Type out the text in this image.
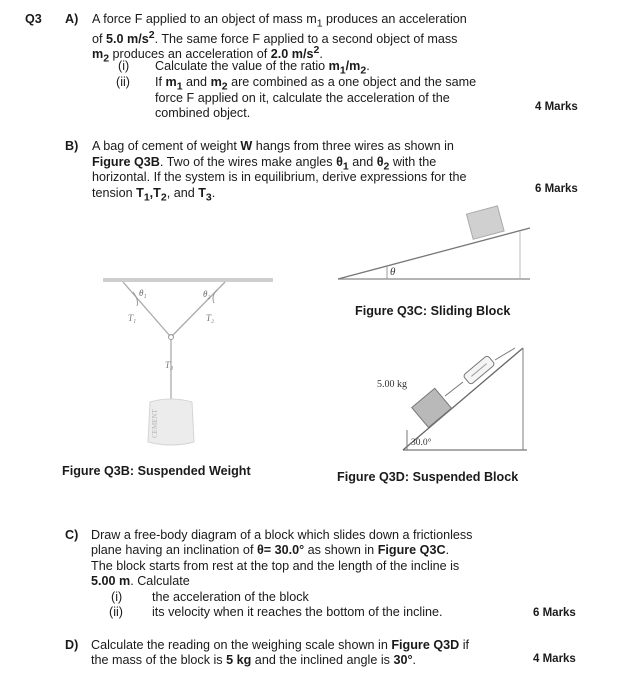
Q3 A) A force F applied to an object of mass $m_1$ produces an acceleration
of 5.0 $m/s^2$. The same force F applied to a second object of mass
$m_2$ produces an acceleration of 2.0 $m/s^2$.
(i) Calculate the value of the ratio $m_1/m_2$.
(ii) If $m_1$ and $m_2$ are combined as a one object and the same
force F applied on it, calculate the acceleration of the
combined object.	4 Marks
B) A bag of cement of weight W hangs from three wires as shown in
Figure Q3B. Two of the wires make angles $\theta_1$ and $\theta_2$ with the
horizontal. If the system is in equilibrium, derive expressions for the
tension $T_1,T_2$, and $T_3$.	6 Marks
θ
Figure Q3C: Sliding Block
θ₁	θ₂
T₁	T₂
T₃
CEMENT
Figure Q3B: Suspended Weight
5.00 kg
30.0°
Figure Q3D: Suspended Block
C) Draw a free-body diagram of a block which slides down a frictionless
plane having an inclination of θ= 30.0° as shown in Figure Q3C.
The block starts from rest at the top and the length of the incline is
5.00 m. Calculate
(i) the acceleration of the block
(ii) its velocity when it reaches the bottom of the incline.	6 Marks
D) Calculate the reading on the weighing scale shown in Figure Q3D if
the mass of the block is 5 kg and the inclined angle is 30°.	4 Marks
